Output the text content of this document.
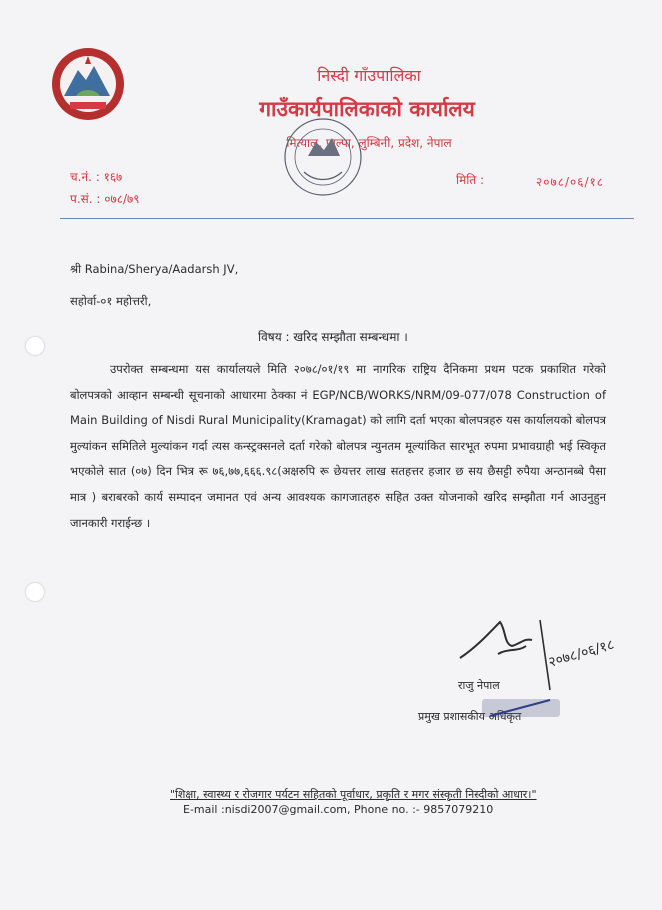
निस्दी गाँउपालिका
गाउँकार्यपालिकाको कार्यालय
मित्याल, पाल्पा, लुम्बिनी, प्रदेश, नेपाल
च.नं. : १६७
प.सं. : ०७८/७९
मिति :	२०७८/०६/१८
श्री Rabina/Sherya/Aadarsh JV,
सहोर्वा-०१ महोत्तरी,
विषय : खरिद सम्झौता सम्बन्धमा ।
उपरोक्त सम्बन्धमा यस कार्यालयले मिति २०७८/०१/१९ मा नागरिक राष्ट्रिय दैनिकमा प्रथम पटक प्रकाशित गरेको बोलपत्रको आव्हान सम्बन्धी सूचनाको आधारमा ठेक्का नं EGP/NCB/WORKS/NRM/09-077/078 Construction of Main Building of Nisdi Rural Municipality(Kramagat) को लागि दर्ता भएका बोलपत्रहरु यस कार्यालयको बोलपत्र मुल्यांकन समितिले मुल्यांकन गर्दा त्यस कन्स्ट्रक्सनले दर्ता गरेको बोलपत्र न्युनतम मूल्यांकित सारभूत रुपमा प्रभावग्राही भई स्विकृत भएकोले सात (०७) दिन भित्र रू ७६,७७,६६६.९८(अक्षरुपि रू छेयत्तर लाख सतहत्तर हजार छ सय छैसट्टी रुपैया अन्ठानब्बे पैसा मात्र ) बराबरको कार्य सम्पादन जमानत एवं अन्य आवश्यक कागजातहरु सहित उक्त योजनाको खरिद सम्झौता गर्न आउनुहुन जानकारी गराईन्छ ।
२०७८/०६/१८
राजु नेपाल
प्रमुख प्रशासकीय अधिकृत
"शिक्षा, स्वास्थ्य र रोजगार पर्यटन सहितको पूर्वाधार, प्रकृति र मगर संस्कृती निस्दीको आधार।"
E-mail :nisdi2007@gmail.com, Phone no. :- 9857079210
